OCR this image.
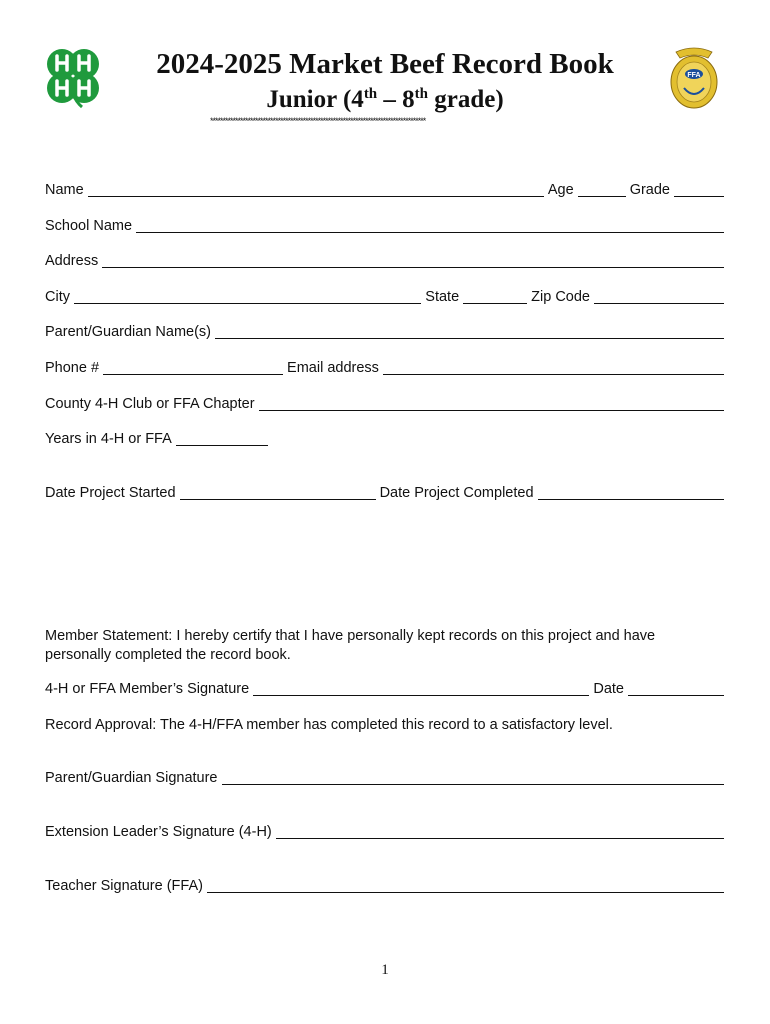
FFA
2024-2025 Market Beef Record Book
Junior (4th – 8th grade)
**************************************************************************************
Name	Age	Grade
School Name
Address
City	State	Zip Code
Parent/Guardian Name(s)
Phone #	Email address
County 4-H Club or FFA Chapter
Years in 4-H or FFA
Date Project Started	Date Project Completed
Member Statement: I hereby certify that I have personally kept records on this project and have personally completed the record book.
4-H or FFA Member’s Signature	Date
Record Approval: The 4-H/FFA member has completed this record to a satisfactory level.
Parent/Guardian Signature
Extension Leader’s Signature (4-H)
Teacher Signature (FFA)
1
